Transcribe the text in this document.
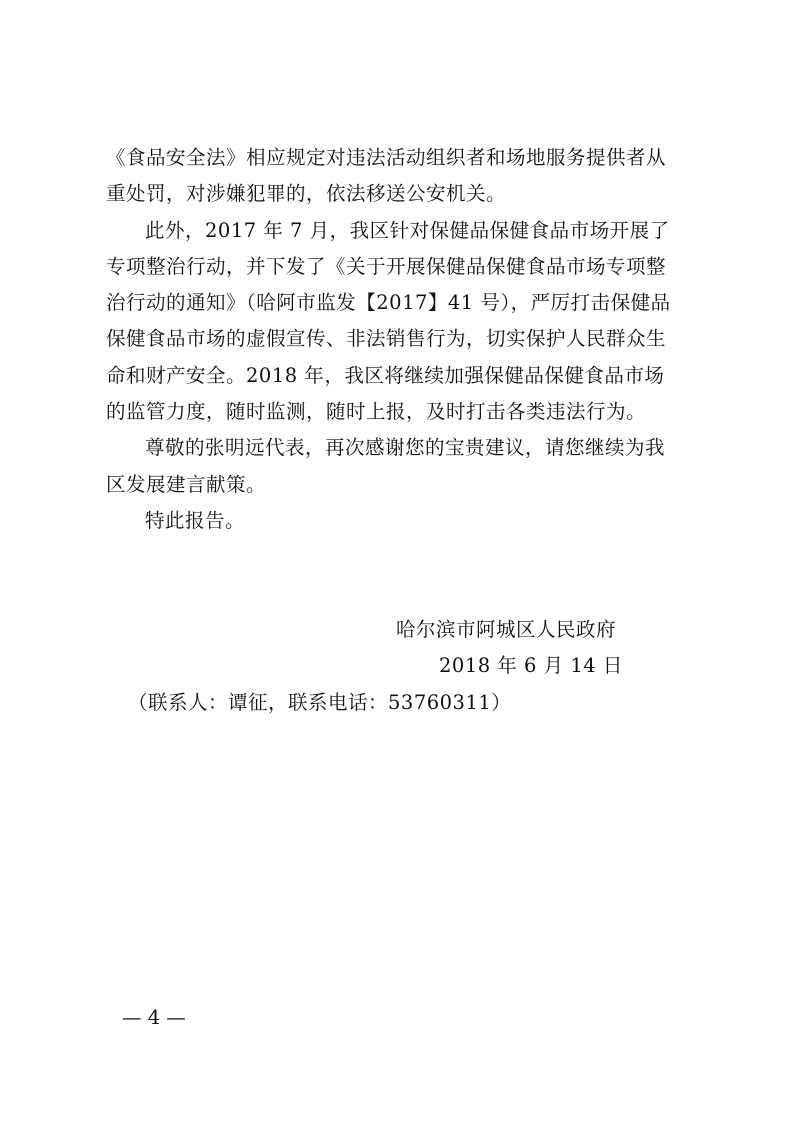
《食品安全法》相应规定对违法活动组织者和场地服务提供者从
重处罚，对涉嫌犯罪的，依法移送公安机关。

此外，2017 年 7 月，我区针对保健品保健食品市场开展了
专项整治行动，并下发了《关于开展保健品保健食品市场专项整
治行动的通知》（哈阿市监发【2017】41 号），严厉打击保健品
保健食品市场的虚假宣传、非法销售行为，切实保护人民群众生
命和财产安全。2018 年，我区将继续加强保健品保健食品市场
的监管力度，随时监测，随时上报，及时打击各类违法行为。

尊敬的张明远代表，再次感谢您的宝贵建议，请您继续为我
区发展建言献策。

特此报告。

哈尔滨市阿城区人民政府
2018 年 6 月 14 日
（联系人：谭征，联系电话：53760311）
— 4 —
